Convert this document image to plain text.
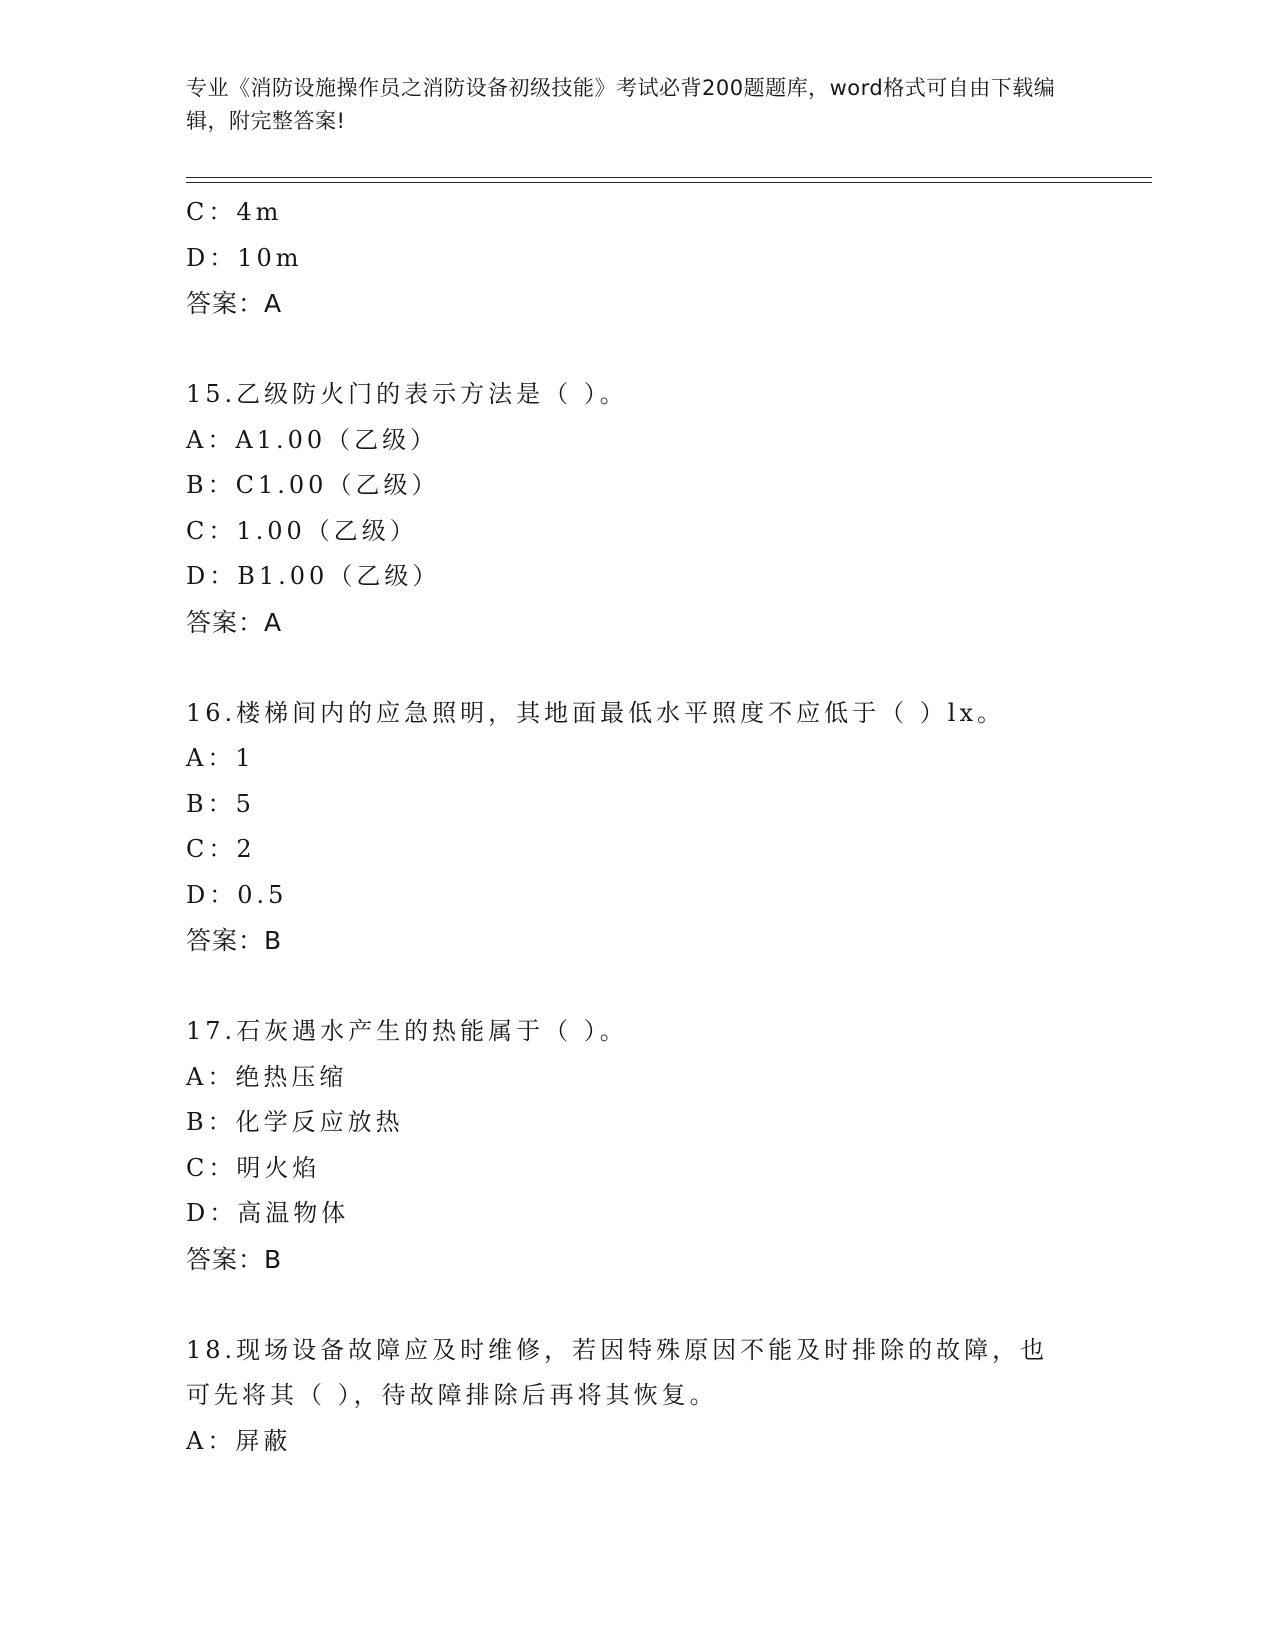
专业《消防设施操作员之消防设备初级技能》考试必背200题题库，word格式可自由下载编辑，附完整答案!
C：4m
D：10m
答案：A
15.乙级防火门的表示方法是（ ）。
A：A1.00（乙级）
B：C1.00（乙级）
C：1.00（乙级）
D：B1.00（乙级）
答案：A
16.楼梯间内的应急照明，其地面最低水平照度不应低于（ ）lx。
A：1
B：5
C：2
D：0.5
答案：B
17.石灰遇水产生的热能属于（ ）。
A：绝热压缩
B：化学反应放热
C：明火焰
D：高温物体
答案：B
18.现场设备故障应及时维修，若因特殊原因不能及时排除的故障，也可先将其（ ），待故障排除后再将其恢复。
A：屏蔽
